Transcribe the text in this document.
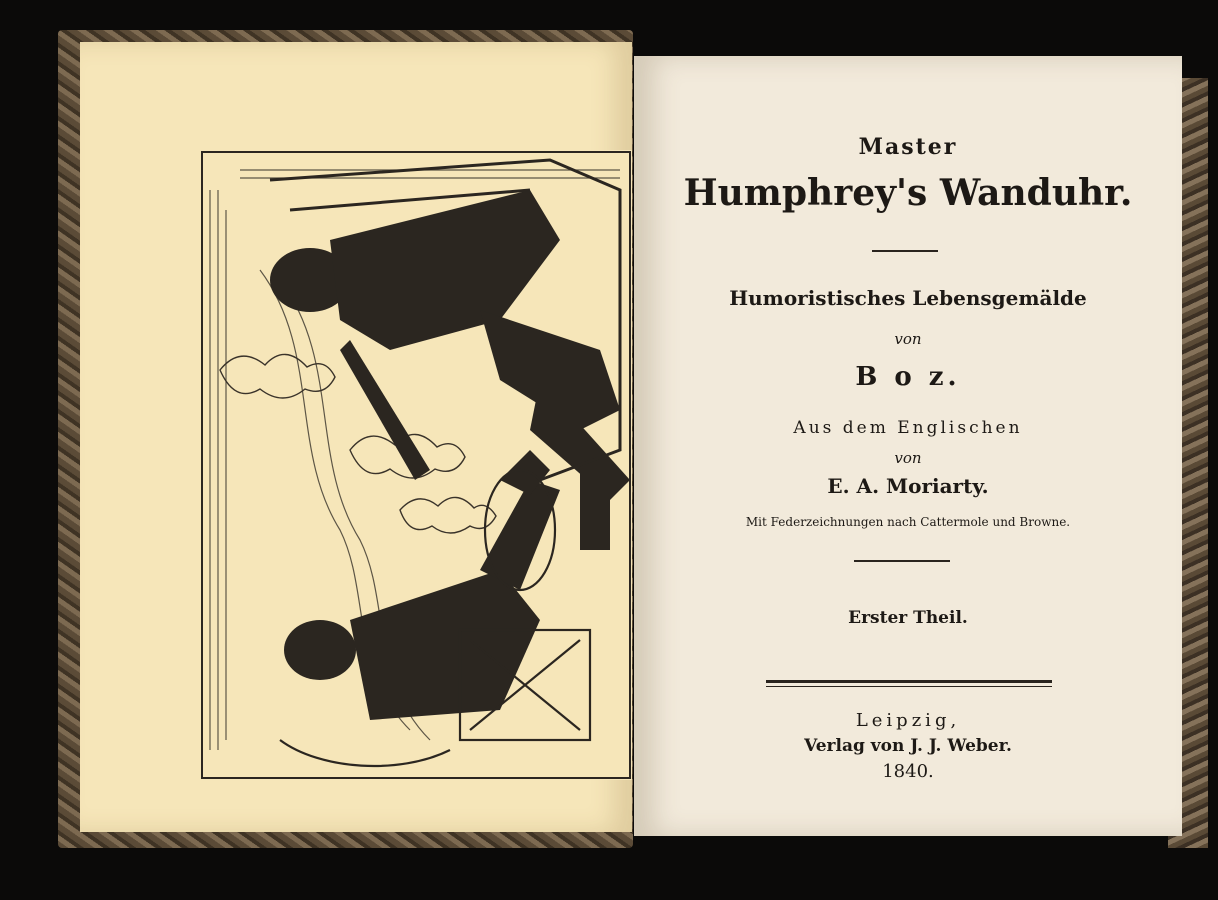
Master
Humphrey's Wanduhr.
Humoristisches Lebensgemälde
von
B o z.
Aus dem Englischen
von
E. A. Moriarty.
Mit Federzeichnungen nach Cattermole und Browne.
Erster Theil.
Leipzig,
Verlag von J. J. Weber.
1840.
